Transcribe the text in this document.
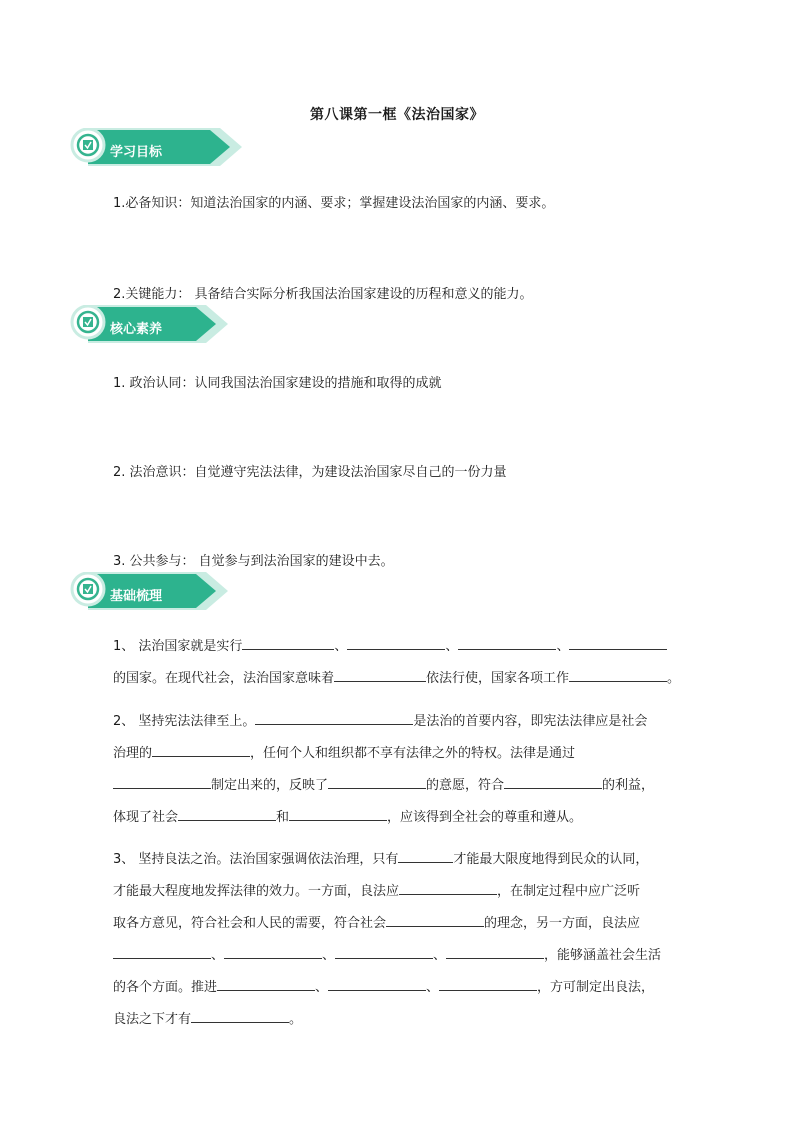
第八课第一框《法治国家》
学习目标
1.必备知识：知道法治国家的内涵、要求；掌握建设法治国家的内涵、要求。
2.关键能力： 具备结合实际分析我国法治国家建设的历程和意义的能力。
核心素养
1. 政治认同：认同我国法治国家建设的措施和取得的成就
2. 法治意识：自觉遵守宪法法律，为建设法治国家尽自己的一份力量
3. 公共参与： 自觉参与到法治国家的建设中去。
基础梳理
1、 法治国家就是实行	、	、	、
的国家。在现代社会，法治国家意味着	依法行使，国家各项工作	。
2、 坚持宪法法律至上。	是法治的首要内容，即宪法法律应是社会
治理的	，任何个人和组织都不享有法律之外的特权。法律是通过
制定出来的，反映了	的意愿，符合	的利益，
体现了社会	和	，应该得到全社会的尊重和遵从。
3、 坚持良法之治。法治国家强调依法治理，只有	才能最大限度地得到民众的认同，
才能最大程度地发挥法律的效力。一方面，良法应	，在制定过程中应广泛听
取各方意见，符合社会和人民的需要，符合社会	的理念，另一方面，良法应
、	、	、	，能够涵盖社会生活
的各个方面。推进	、	、	，方可制定出良法，
良法之下才有	。
